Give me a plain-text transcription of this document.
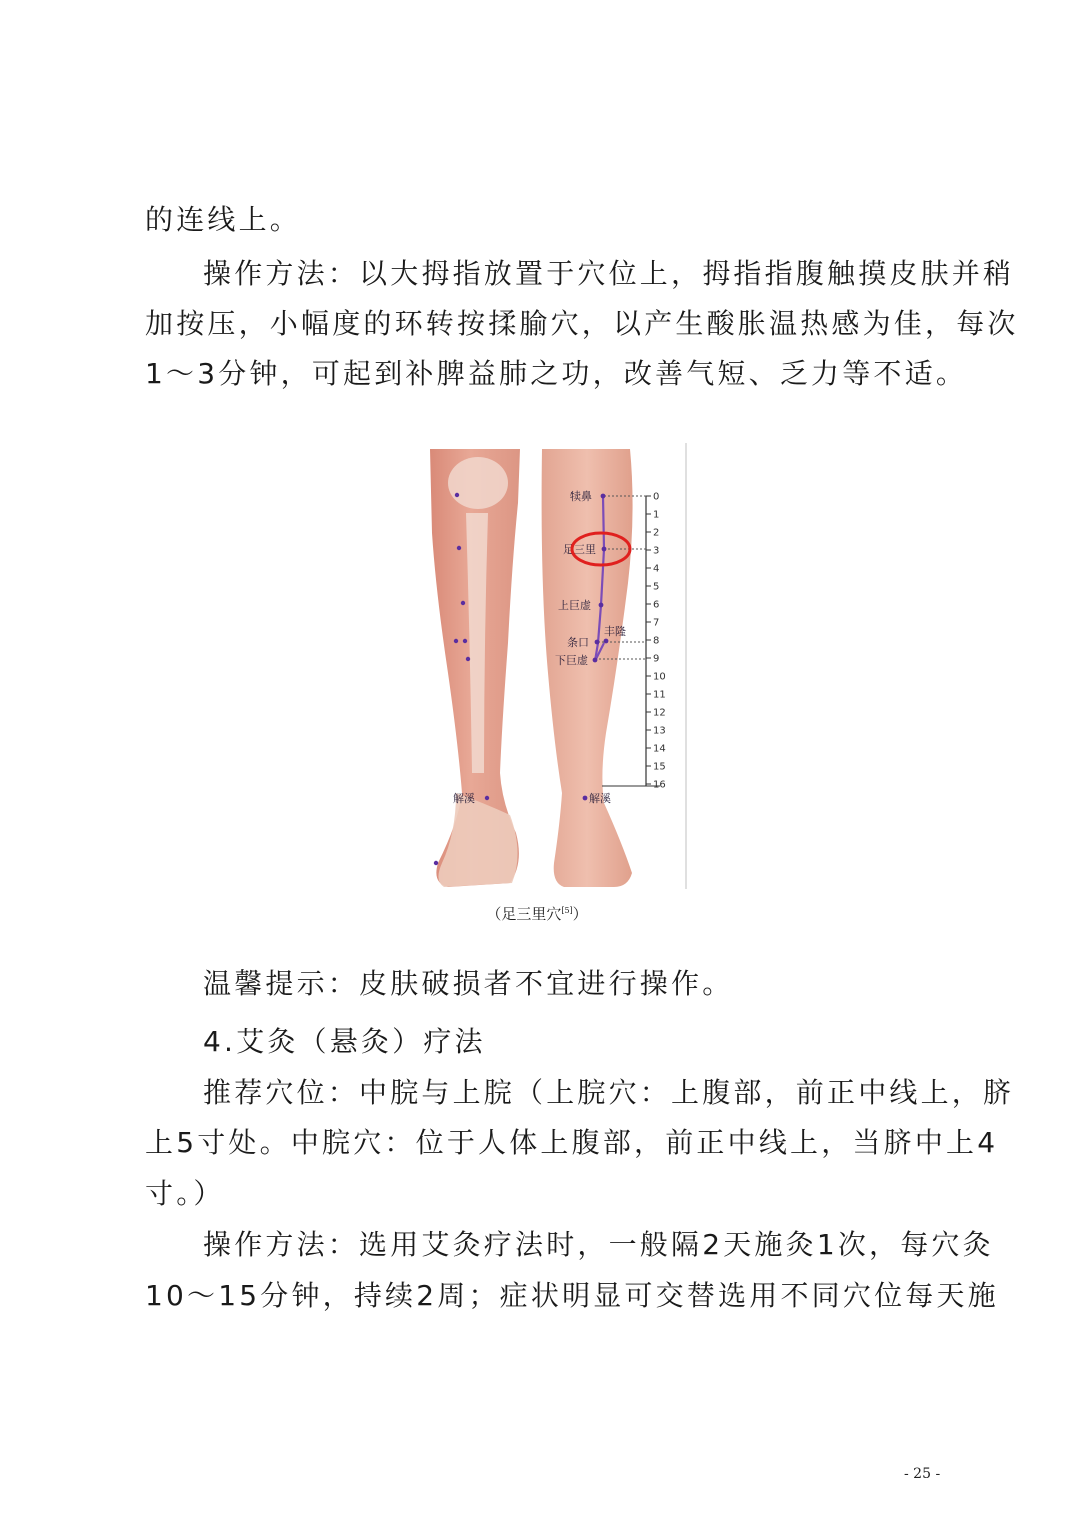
的连线上。
操作方法：以大拇指放置于穴位上，拇指指腹触摸皮肤并稍
加按压，小幅度的环转按揉腧穴，以产生酸胀温热感为佳，每次
1～3分钟，可起到补脾益肺之功，改善气短、乏力等不适。
0
1
2
3
4
5
6
7
8
9
10
11
12
13
14
15
16
犊鼻
足三里
上巨虚
丰隆
条口
下巨虚
解溪	解溪
（足三里穴[5]）
温馨提示：皮肤破损者不宜进行操作。
4.艾灸（悬灸）疗法
推荐穴位：中脘与上脘（上脘穴：上腹部，前正中线上，脐
上5寸处。中脘穴：位于人体上腹部，前正中线上，当脐中上4
寸。）
操作方法：选用艾灸疗法时，一般隔2天施灸1次，每穴灸
10～15分钟，持续2周；症状明显可交替选用不同穴位每天施
- 25 -
